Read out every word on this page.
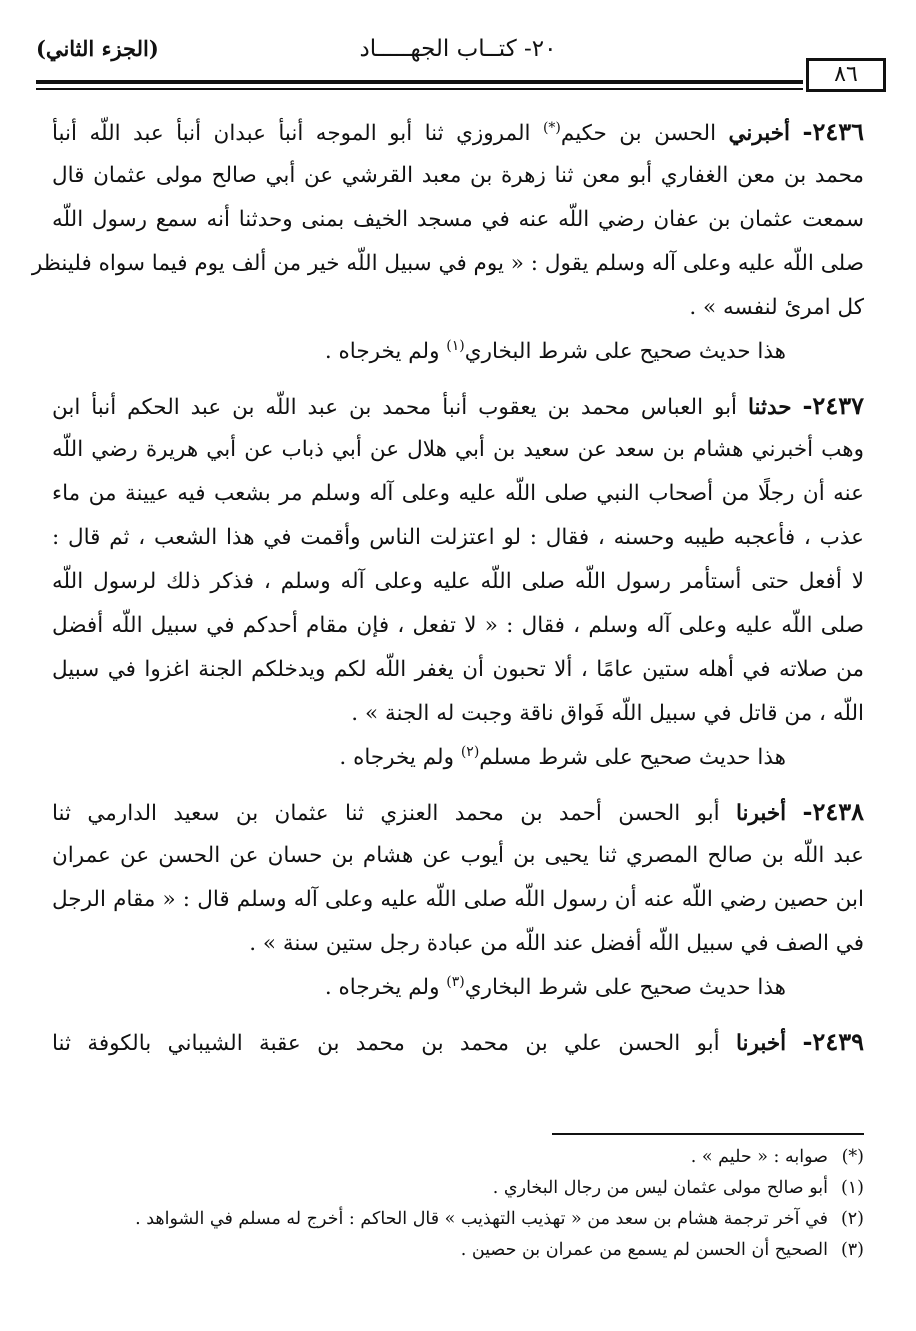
(الجزء الثاني)	٢٠- كتــاب الجهـــــاد
٨٦
٢٤٣٦- أخبرني الحسن بن حكيم(*) المروزي ثنا أبو الموجه أنبأ عبدان أنبأ عبد اللّه أنبأ
محمد بن معن الغفاري أبو معن ثنا زهرة بن معبد القرشي عن أبي صالح مولى عثمان قال
سمعت عثمان بن عفان رضي اللّه عنه في مسجد الخيف بمنى وحدثنا أنه سمع رسول اللّه
صلى اللّه عليه وعلى آله وسلم يقول : « يوم في سبيل اللّه خير من ألف يوم فيما سواه فلينظر
كل امرئ لنفسه » .
هذا حديث صحيح على شرط البخاري$^{(١)}$ ولم يخرجاه .
٢٤٣٧- حدثنا أبو العباس محمد بن يعقوب أنبأ محمد بن عبد اللّه بن عبد الحكم أنبأ ابن
وهب أخبرني هشام بن سعد عن سعيد بن أبي هلال عن أبي ذباب عن أبي هريرة رضي اللّه
عنه أن رجلًا من أصحاب النبي صلى اللّه عليه وعلى آله وسلم مر بشعب فيه عيينة من ماء
عذب ، فأعجبه طيبه وحسنه ، فقال : لو اعتزلت الناس وأقمت في هذا الشعب ، ثم قال :
لا أفعل حتى أستأمر رسول اللّه صلى اللّه عليه وعلى آله وسلم ، فذكر ذلك لرسول اللّه
صلى اللّه عليه وعلى آله وسلم ، فقال : « لا تفعل ، فإن مقام أحدكم في سبيل اللّه أفضل
من صلاته في أهله ستين عامًا ، ألا تحبون أن يغفر اللّه لكم ويدخلكم الجنة اغزوا في سبيل
اللّه ، من قاتل في سبيل اللّه فَواق ناقة وجبت له الجنة » .
هذا حديث صحيح على شرط مسلم$^{(٢)}$ ولم يخرجاه .
٢٤٣٨- أخبرنا أبو الحسن أحمد بن محمد العنزي ثنا عثمان بن سعيد الدارمي ثنا
عبد اللّه بن صالح المصري ثنا يحيى بن أيوب عن هشام بن حسان عن الحسن عن عمران
ابن حصين رضي اللّه عنه أن رسول اللّه صلى اللّه عليه وعلى آله وسلم قال : « مقام الرجل
في الصف في سبيل اللّه أفضل عند اللّه من عبادة رجل ستين سنة » .
هذا حديث صحيح على شرط البخاري$^{(٣)}$ ولم يخرجاه .
٢٤٣٩- أخبرنا أبو الحسن علي بن محمد بن محمد بن عقبة الشيباني بالكوفة ثنا
(*)صوابه : « حليم » .
(١)أبو صالح مولى عثمان ليس من رجال البخاري .
(٢)في آخر ترجمة هشام بن سعد من « تهذيب التهذيب » قال الحاكم : أخرج له مسلم في الشواهد .
(٣)الصحيح أن الحسن لم يسمع من عمران بن حصين .
